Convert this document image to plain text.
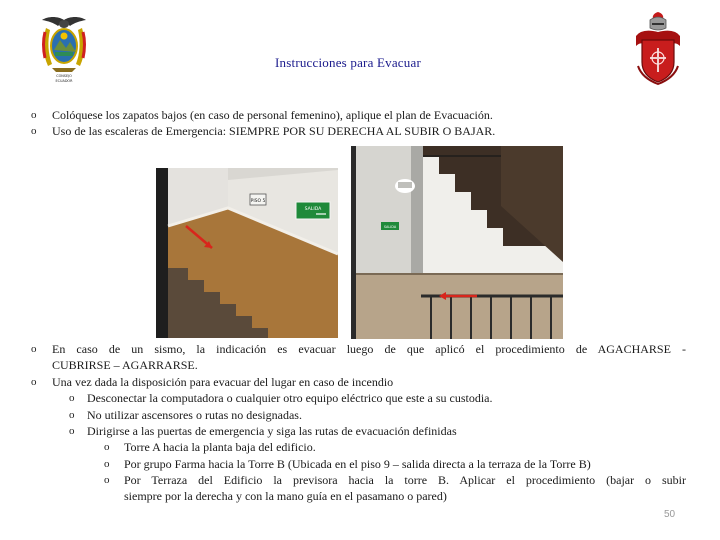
CONSEJO
ECUADOR
Instrucciones para Evacuar
o Colóquese los zapatos bajos (en caso de personal femenino), aplique el plan de Evacuación.
o Uso de las escaleras de Emergencia: SIEMPRE POR SU DERECHA AL SUBIR O BAJAR.
PISO 5
SALIDA
SALIDA
o En caso de un sismo, la indicación es evacuar luego de que aplicó el procedimiento de AGACHARSE -
CUBRIRSE – AGARRARSE.
o Una vez dada la disposición para evacuar del lugar en caso de incendio
o Desconectar la computadora o cualquier otro equipo eléctrico que este a su custodia.
o No utilizar ascensores o rutas no designadas.
o Dirigirse a las puertas de emergencia y siga las rutas de evacuación definidas
o Torre A hacia la planta baja del edificio.
o Por grupo Farma hacia la Torre B (Ubicada en el piso 9 – salida directa a la terraza de la Torre B)
o Por Terraza del Edificio la previsora hacia la torre B. Aplicar el procedimiento (bajar o subir
siempre por la derecha y con la mano guía en el pasamano o pared)
50
